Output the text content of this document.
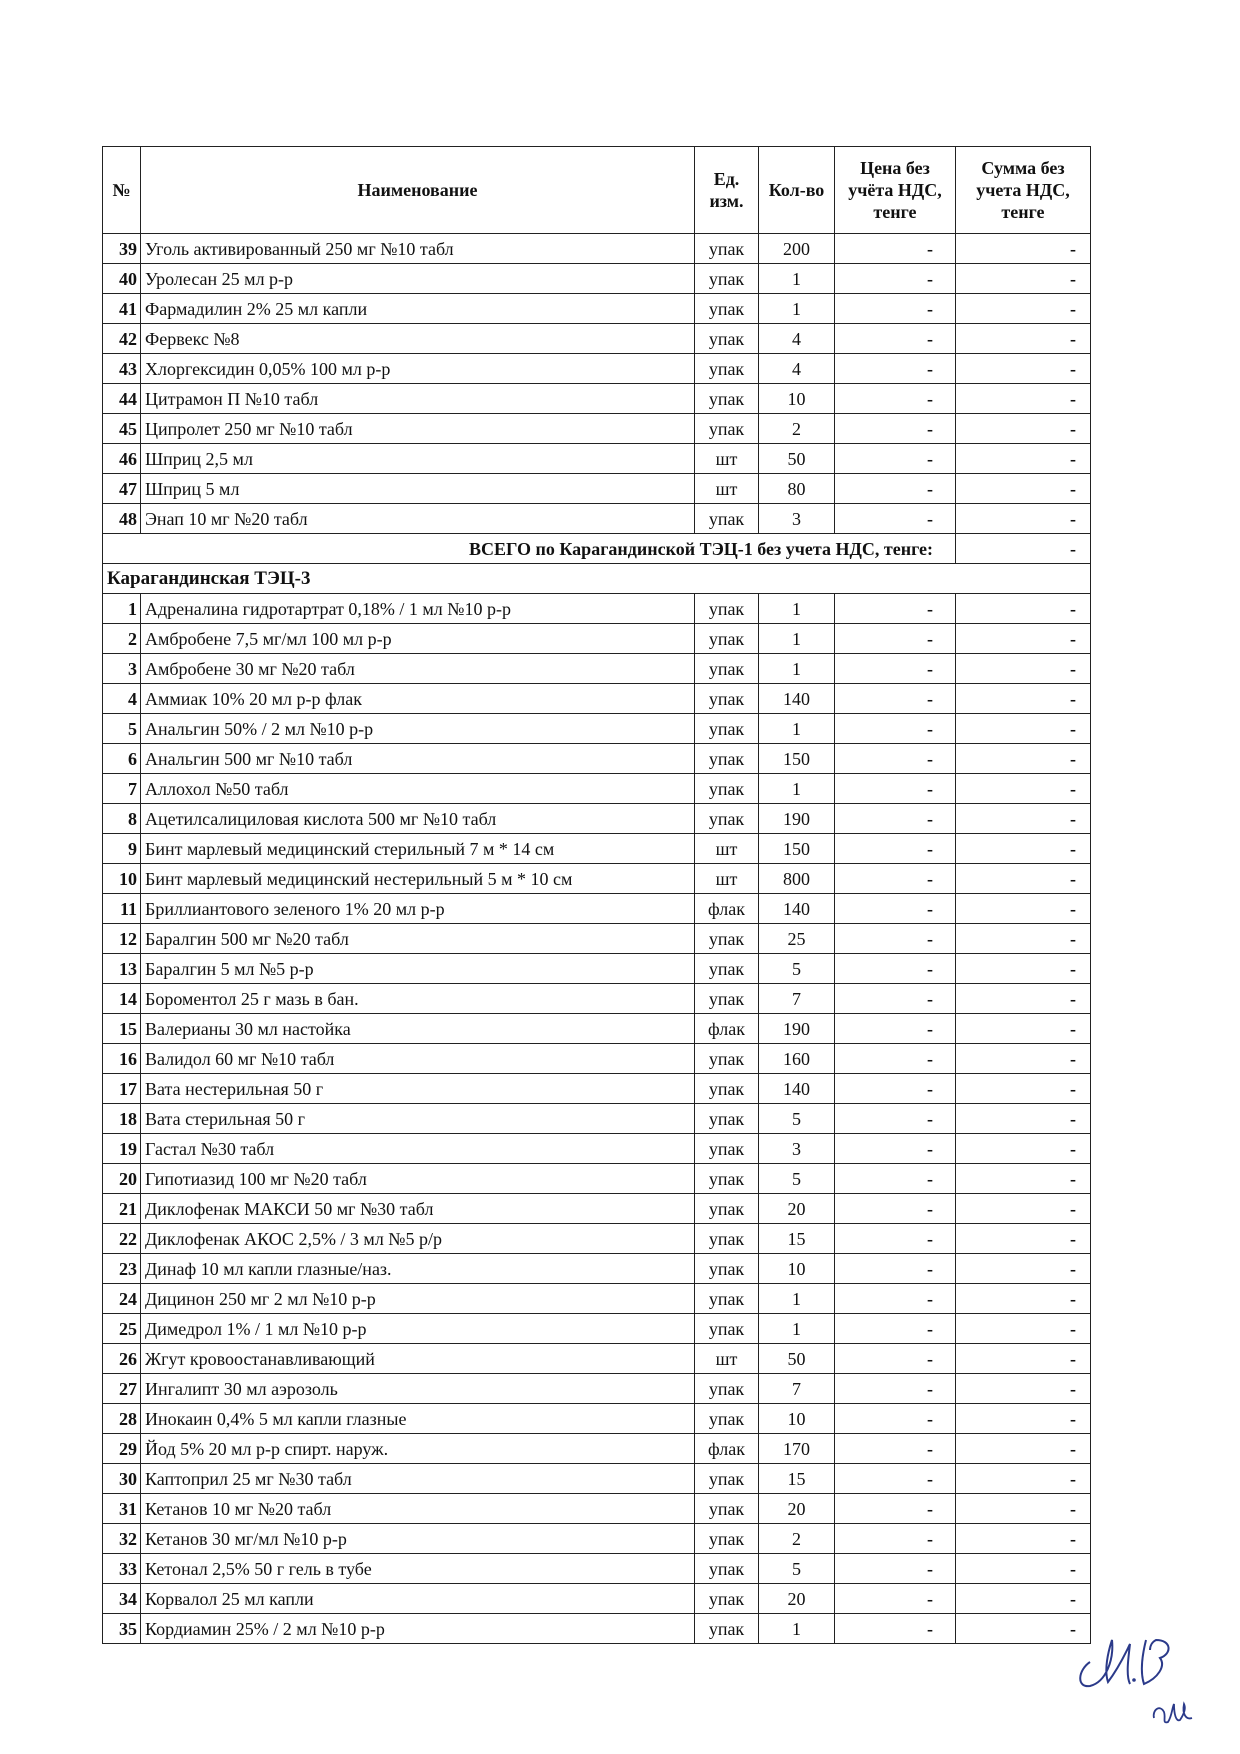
№	Наименование	Ед. изм.	Кол-во	Цена без учёта НДС, тенге	Сумма без учета НДС, тенге
39	Уголь активированный 250 мг №10 табл	упак	200	-	-
40	Уролесан 25 мл р-р	упак	1	-	-
41	Фармадилин 2% 25 мл капли	упак	1	-	-
42	Фервекс №8	упак	4	-	-
43	Хлоргексидин 0,05% 100 мл р-р	упак	4	-	-
44	Цитрамон П №10 табл	упак	10	-	-
45	Ципролет 250 мг №10 табл	упак	2	-	-
46	Шприц 2,5 мл	шт	50	-	-
47	Шприц 5 мл	шт	80	-	-
48	Энап 10 мг №20 табл	упак	3	-	-
ВСЕГО по Карагандинской ТЭЦ-1 без учета НДС, тенге:					-
Карагандинская ТЭЦ-3					
1	Адреналина гидротартрат 0,18% / 1 мл №10 р-р	упак	1	-	-
2	Амбробене 7,5 мг/мл 100 мл р-р	упак	1	-	-
3	Амбробене 30 мг №20 табл	упак	1	-	-
4	Аммиак 10% 20 мл р-р флак	упак	140	-	-
5	Анальгин 50% / 2 мл №10 р-р	упак	1	-	-
6	Анальгин 500 мг №10 табл	упак	150	-	-
7	Аллохол №50 табл	упак	1	-	-
8	Ацетилсалициловая кислота 500 мг №10 табл	упак	190	-	-
9	Бинт марлевый медицинский стерильный 7 м * 14 см	шт	150	-	-
10	Бинт марлевый медицинский нестерильный 5 м * 10 см	шт	800	-	-
11	Бриллиантового зеленого 1% 20 мл р-р	флак	140	-	-
12	Баралгин 500 мг №20 табл	упак	25	-	-
13	Баралгин 5 мл №5 р-р	упак	5	-	-
14	Бороментол 25 г мазь в бан.	упак	7	-	-
15	Валерианы 30 мл настойка	флак	190	-	-
16	Валидол 60 мг №10 табл	упак	160	-	-
17	Вата нестерильная 50 г	упак	140	-	-
18	Вата стерильная 50 г	упак	5	-	-
19	Гастал №30 табл	упак	3	-	-
20	Гипотиазид 100 мг №20 табл	упак	5	-	-
21	Диклофенак МАКСИ 50 мг №30 табл	упак	20	-	-
22	Диклофенак АКОС 2,5% / 3 мл №5 р/р	упак	15	-	-
23	Динаф 10 мл капли глазные/наз.	упак	10	-	-
24	Дицинон 250 мг 2 мл №10 р-р	упак	1	-	-
25	Димедрол 1% / 1 мл №10 р-р	упак	1	-	-
26	Жгут кровоостанавливающий	шт	50	-	-
27	Ингалипт 30 мл аэрозоль	упак	7	-	-
28	Инокаин 0,4% 5 мл капли глазные	упак	10	-	-
29	Йод 5% 20 мл р-р спирт. наруж.	флак	170	-	-
30	Каптоприл 25 мг №30 табл	упак	15	-	-
31	Кетанов 10 мг №20 табл	упак	20	-	-
32	Кетанов 30 мг/мл №10 р-р	упак	2	-	-
33	Кетонал 2,5% 50 г гель в тубе	упак	5	-	-
34	Корвалол 25 мл капли	упак	20	-	-
35	Кордиамин 25% / 2 мл №10 р-р	упак	1	-	-
